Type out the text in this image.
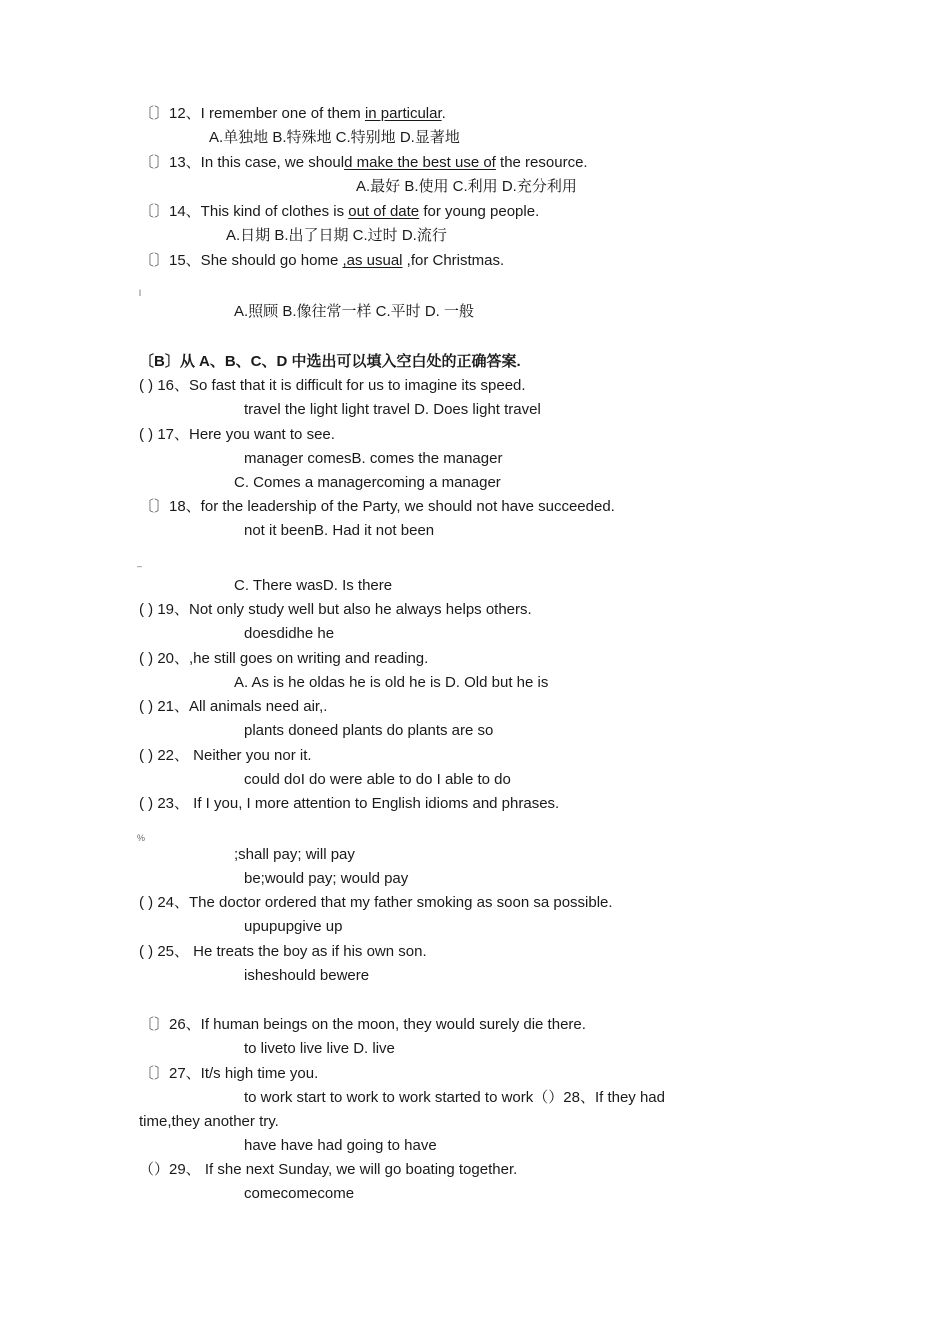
〔〕12、I remember one of them in particular.
A.单独地 B.特殊地 C.特别地 D.显著地
〔〕13、In this case, we should make the best use of the resource.
A.最好 B.使用 C.利用 D.充分利用
〔〕14、This kind of clothes is out of date for young people.
A.日期 B.出了日期 C.过时 D.流行
〔〕15、She should go home ,as usual ,for Christmas.
l
A.照顾 B.像往常一样 C.平时 D. 一般
〔B〕从 A、B、C、D 中选出可以填入空白处的正确答案.
( ) 16、So fast that it is difficult for us to imagine its speed.
travel the light light travel D. Does light travel
( ) 17、Here you want to see.
manager comesB. comes the manager
C. Comes a managercoming a manager
〔〕18、for the leadership of the Party, we should not have succeeded.
not it beenB. Had it not been
–
C. There wasD. Is there
( ) 19、Not only study well but also he always helps others.
doesdidhe he
( ) 20、,he still goes on writing and reading.
A. As is he oldas he is old he is D. Old but he is
( ) 21、All animals need air,.
plants doneed plants do plants are so
( ) 22、 Neither you nor it.
could doI do were able to do I able to do
( ) 23、 If I you, I more attention to English idioms and phrases.
%
;shall pay; will pay
be;would pay; would pay
( ) 24、The doctor ordered that my father smoking as soon sa possible.
upupupgive up
( ) 25、 He treats the boy as if his own son.
isheshould bewere
〔〕26、If human beings on the moon, they would surely die there.
to liveto live live D. live
〔〕27、It/s high time you.
to work start to work to work started to work（）28、If they had
time,they another try.
have have had going to have
（）29、 If she next Sunday, we will go boating together.
comecomecome
